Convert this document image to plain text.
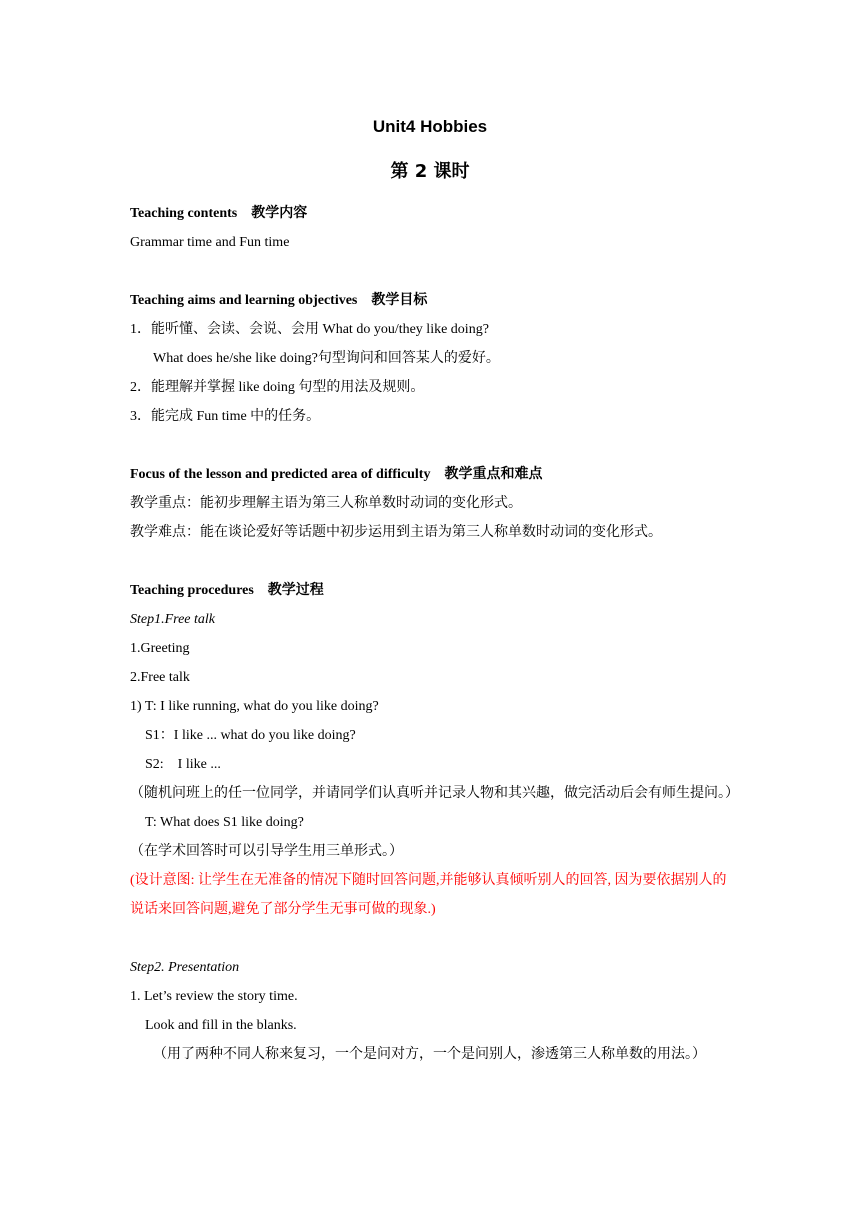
Unit4 Hobbies
第 2 课时
Teaching contents　教学内容
Grammar time and Fun time
Teaching aims and learning objectives　教学目标
1．能听懂、会读、会说、会用 What do you/they like doing?
What does he/she like doing?句型询问和回答某人的爱好。
2．能理解并掌握 like doing 句型的用法及规则。
3．能完成 Fun time 中的任务。
Focus of the lesson and predicted area of difficulty　教学重点和难点
教学重点：能初步理解主语为第三人称单数时动词的变化形式。
教学难点：能在谈论爱好等话题中初步运用到主语为第三人称单数时动词的变化形式。
Teaching procedures　教学过程
Step1.Free talk
1.Greeting
2.Free talk
1) T: I like running, what do you like doing?
S1：I like ... what do you like doing?
S2:　I like ...
（随机问班上的任一位同学，并请同学们认真听并记录人物和其兴趣，做完活动后会有师生提问。）
T: What does S1 like doing?
（在学术回答时可以引导学生用三单形式。）
(设计意图: 让学生在无准备的情况下随时回答问题,并能够认真倾听别人的回答, 因为要依据别人的说话来回答问题,避免了部分学生无事可做的现象.)
Step2. Presentation
1. Let’s review the story time.
Look and fill in the blanks.
（用了两种不同人称来复习，一个是问对方，一个是问别人，渗透第三人称单数的用法。）
